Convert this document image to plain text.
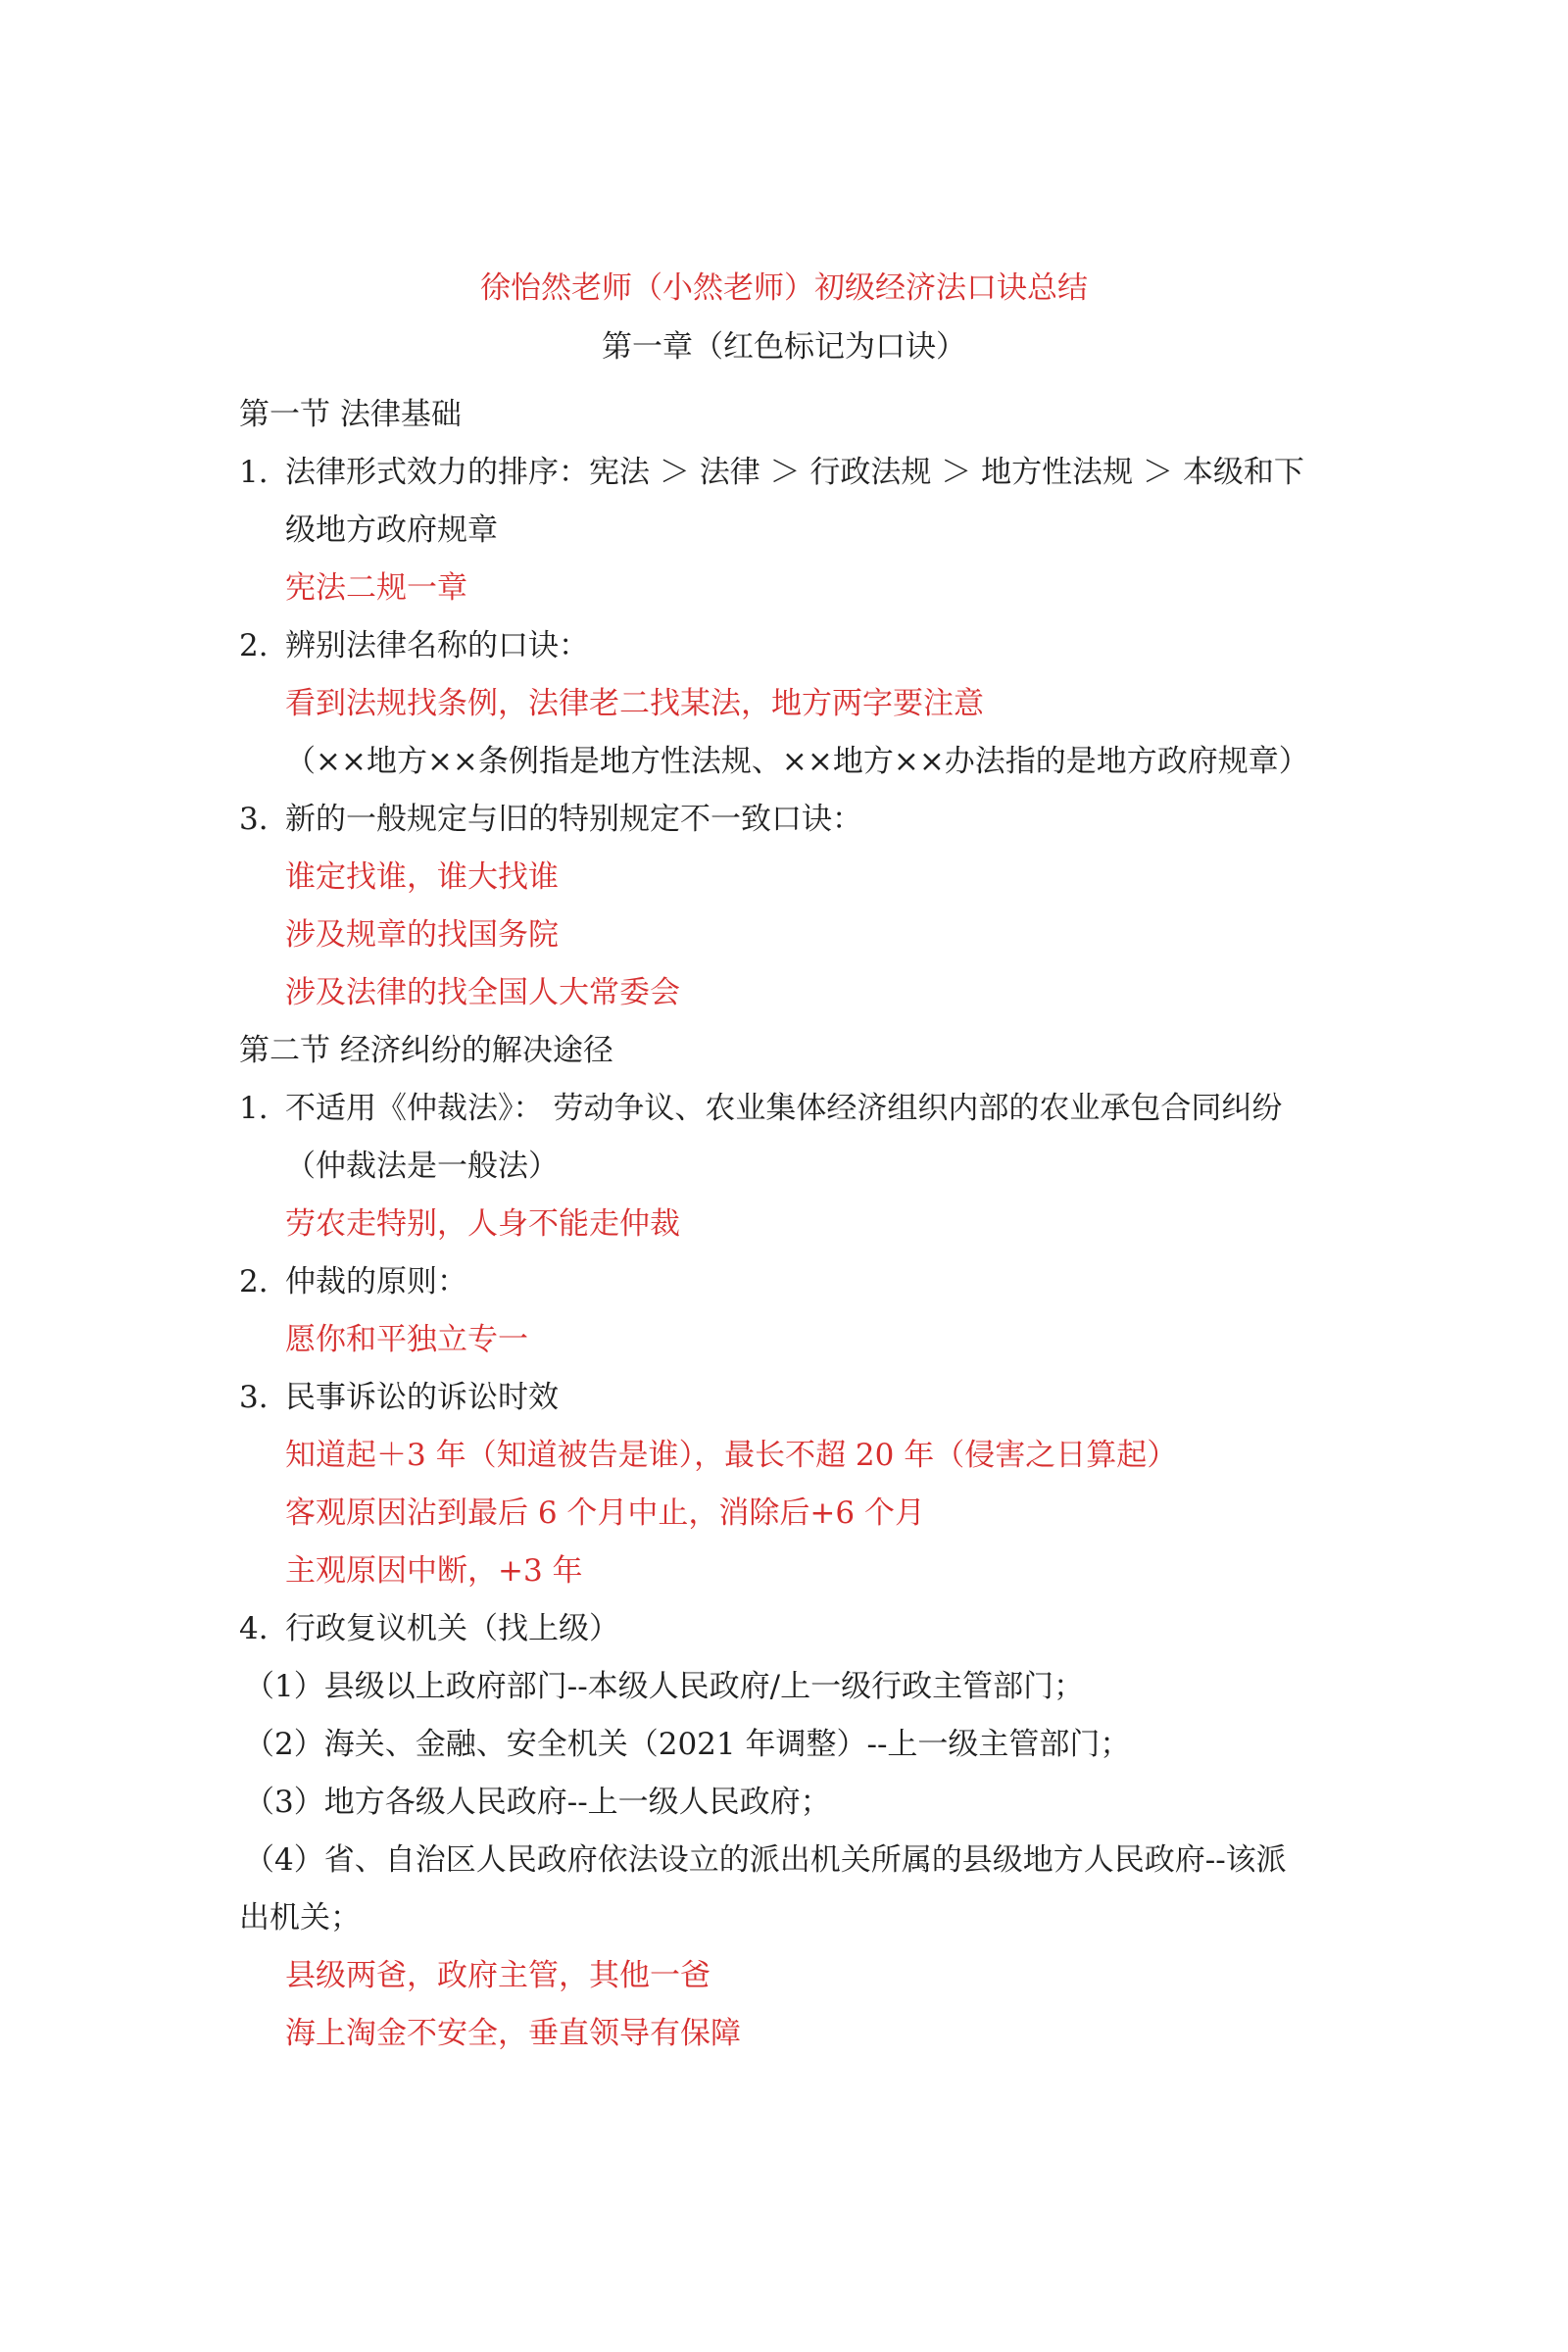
徐怡然老师（小然老师）初级经济法口诀总结
第一章（红色标记为口诀）
第一节 法律基础
1. 法律形式效力的排序：宪法 ＞ 法律 ＞ 行政法规 ＞ 地方性法规 ＞ 本级和下
级地方政府规章
宪法二规一章
2. 辨别法律名称的口诀：
看到法规找条例，法律老二找某法，地方两字要注意
（××地方××条例指是地方性法规、××地方××办法指的是地方政府规章）
3. 新的一般规定与旧的特别规定不一致口诀：
谁定找谁，谁大找谁
涉及规章的找国务院
涉及法律的找全国人大常委会
第二节 经济纠纷的解决途径
1. 不适用《仲裁法》： 劳动争议、农业集体经济组织内部的农业承包合同纠纷
（仲裁法是一般法）
劳农走特别，人身不能走仲裁
2. 仲裁的原则：
愿你和平独立专一
3. 民事诉讼的诉讼时效
知道起＋3 年（知道被告是谁），最长不超 20 年（侵害之日算起）
客观原因沾到最后 6 个月中止，消除后+6 个月
主观原因中断，+3 年
4. 行政复议机关（找上级）
（1）县级以上政府部门--本级人民政府/上一级行政主管部门；
（2）海关、金融、安全机关（2021 年调整）--上一级主管部门；
（3）地方各级人民政府--上一级人民政府；
（4）省、自治区人民政府依法设立的派出机关所属的县级地方人民政府--该派
出机关；
县级两爸，政府主管，其他一爸
海上淘金不安全，垂直领导有保障
